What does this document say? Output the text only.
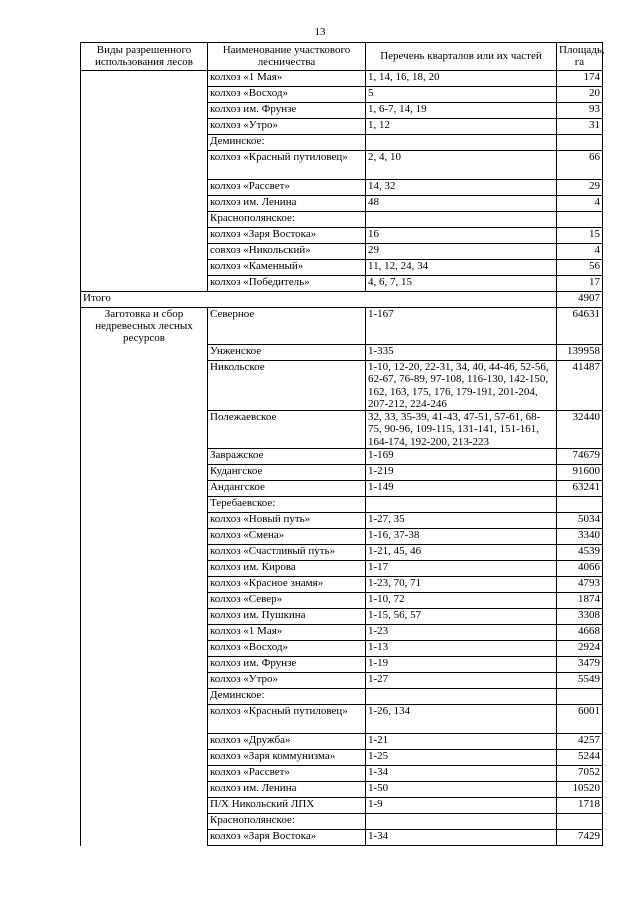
13
Виды разрешенного использования лесов	Наименование участкового лесничества	Перечень кварталов или их частей	Площадь, га
	колхоз «1 Мая»	1, 14, 16, 18, 20	174
	колхоз «Восход»	5	20
	колхоз им. Фрунзе	1, 6-7, 14, 19	93
	колхоз «Утро»	1, 12	31
	Деминское:		
	колхоз «Красный путиловец»	2, 4, 10	66
	колхоз «Рассвет»	14, 32	29
	колхоз им. Ленина	48	4
	Краснополянское:		
	колхоз «Заря Востока»	16	15
	совхоз «Никольский»	29	4
	колхоз «Каменный»	11, 12, 24, 34	56
	колхоз «Победитель»	4, 6, 7, 15	17
Итого			4907
Заготовка и сбор недревесных лесных ресурсов	Северное	1-167	64631
	Унженское	1-335	139958
	Никольское	1-10, 12-20, 22-31, 34, 40, 44-46, 52-56, 62-67, 76-89, 97-108, 116-130, 142-150, 162, 163, 175, 176, 179-191, 201-204, 207-212, 224-246	41487
	Полежаевское	32, 33, 35-39, 41-43, 47-51, 57-61, 68-75, 90-96, 109-115, 131-141, 151-161, 164-174, 192-200, 213-223	32440
	Завражское	1-169	74679
	Кудангское	1-219	91600
	Андангское	1-149	63241
	Теребаевское:		
	колхоз «Новый путь»	1-27, 35	5034
	колхоз «Смена»	1-16, 37-38	3340
	колхоз «Счастливый путь»	1-21, 45, 46	4539
	колхоз им. Кирова	1-17	4066
	колхоз «Красное знамя»	1-23, 70, 71	4793
	колхоз «Север»	1-10, 72	1874
	колхоз им. Пушкина	1-15, 56, 57	3308
	колхоз «1 Мая»	1-23	4668
	колхоз «Восход»	1-13	2924
	колхоз им. Фрунзе	1-19	3479
	колхоз «Утро»	1-27	5549
	Деминское:		
	колхоз «Красный путиловец»	1-26, 134	6001
	колхоз «Дружба»	1-21	4257
	колхоз «Заря коммунизма»	1-25	5244
	колхоз «Рассвет»	1-34	7052
	колхоз им. Ленина	1-50	10520
	П/Х Никольский ЛПХ	1-9	1718
	Краснополянское:		
	колхоз «Заря Востока»	1-34	7429
